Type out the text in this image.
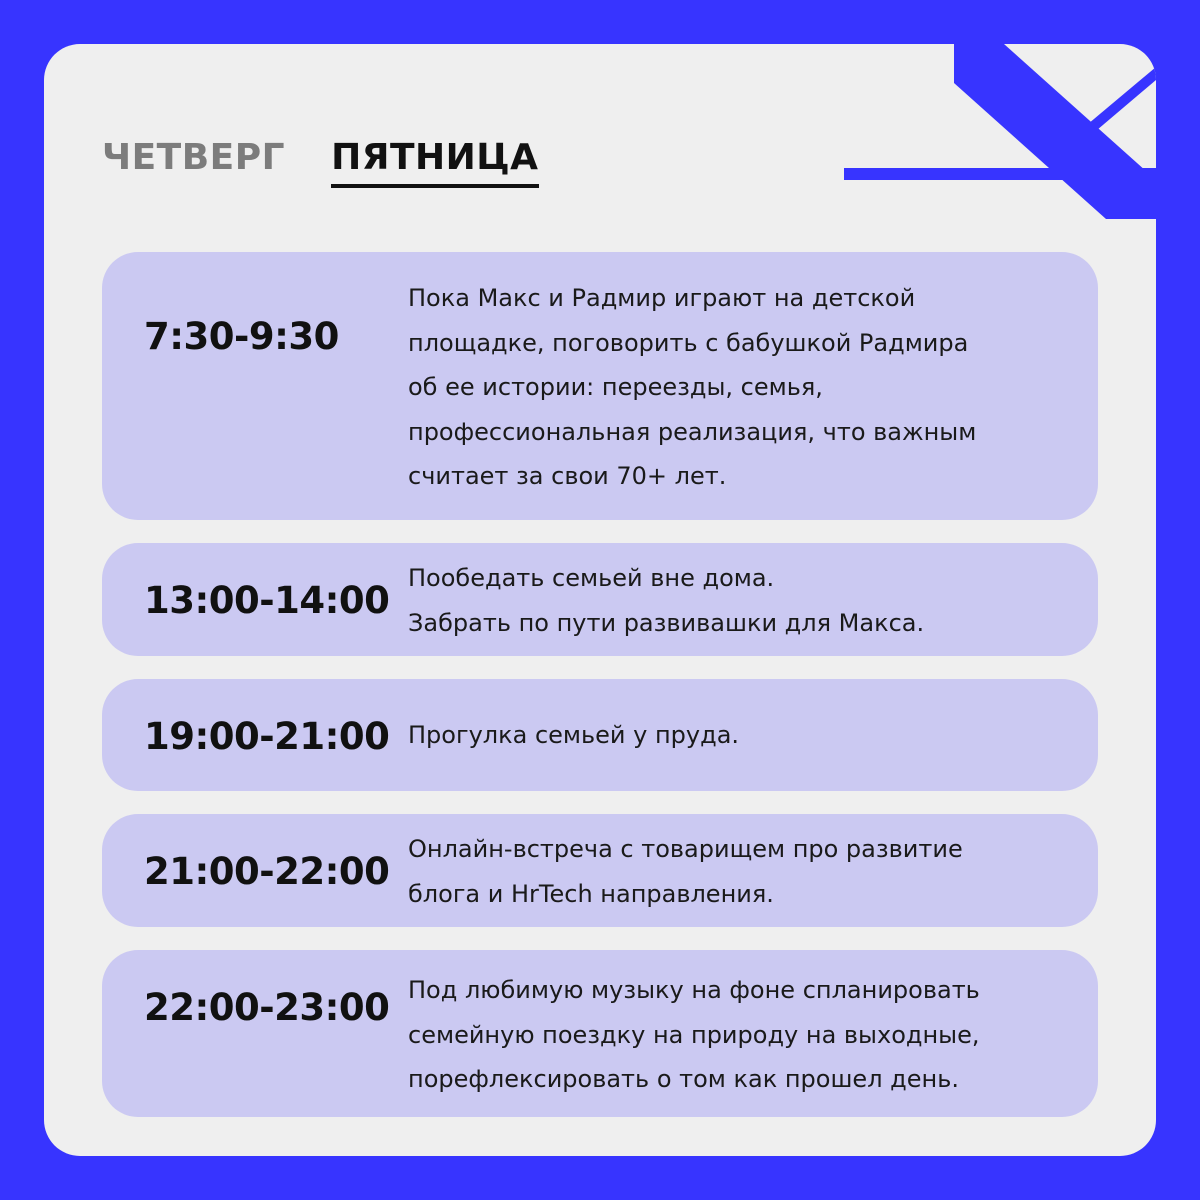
ЧЕТВЕРГ ПЯТНИЦА
7:30-9:30
Пока Макс и Радмир играют на детской
площадке, поговорить с бабушкой Радмира
об ее истории: переезды, семья,
профессиональная реализация, что важным
считает за свои 70+ лет.
13:00-14:00
Пообедать семьей вне дома.
Забрать по пути развивашки для Макса.
19:00-21:00 Прогулка семьей у пруда.
21:00-22:00
Онлайн-встреча с товарищем про развитие
блога и HrTech направления.
22:00-23:00 Под любимую музыку на фоне спланировать
семейную поездку на природу на выходные,
порефлексировать о том как прошел день.
